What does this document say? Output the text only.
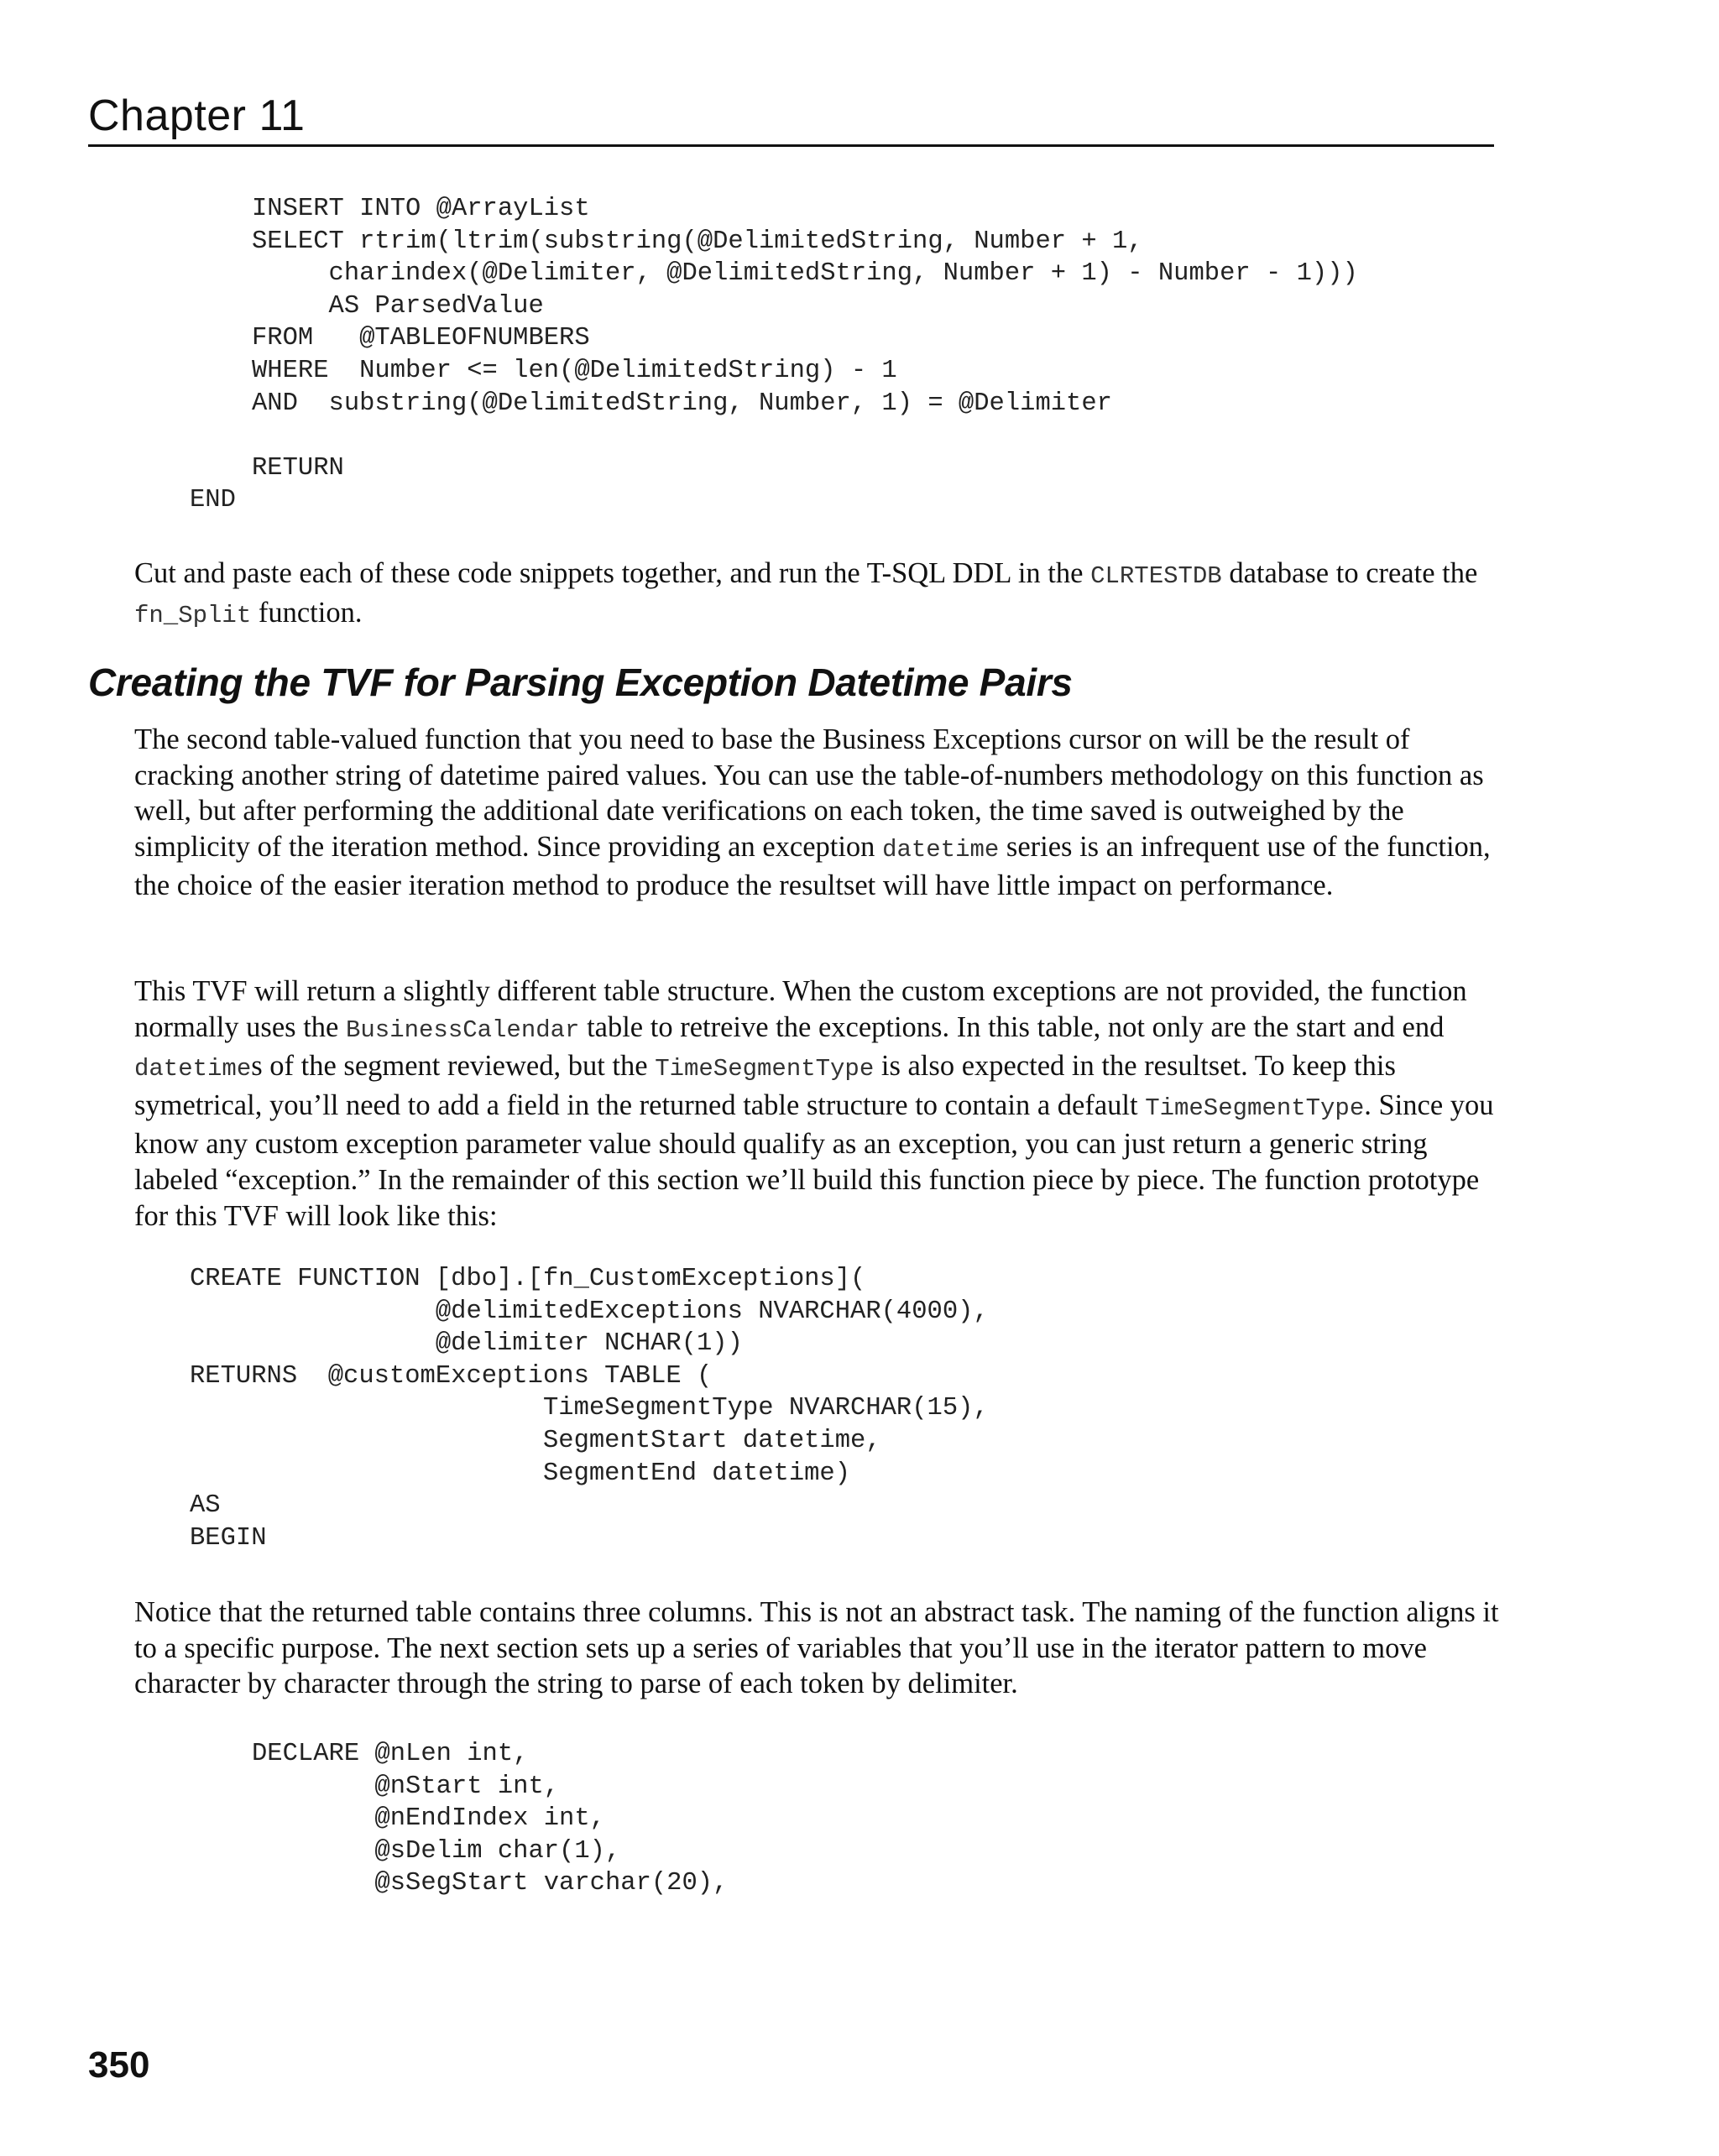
Chapter 11
INSERT INTO @ArrayList
SELECT rtrim(ltrim(substring(@DelimitedString, Number + 1,
charindex(@Delimiter, @DelimitedString, Number + 1) - Number - 1)))
AS ParsedValue
FROM   @TABLEOFNUMBERS
WHERE  Number <= len(@DelimitedString) - 1
AND  substring(@DelimitedString, Number, 1) = @Delimiter

RETURN
END

Cut and paste each of these code snippets together, and run the T-SQL DDL in the CLRTESTDB database to create the fn_Split function.

Creating the TVF for Parsing Exception Datetime Pairs

The second table-valued function that you need to base the Business Exceptions cursor on will be the result of cracking another string of datetime paired values. You can use the table-of-numbers methodology on this function as well, but after performing the additional date verifications on each token, the time saved is outweighed by the simplicity of the iteration method. Since providing an exception datetime series is an infrequent use of the function, the choice of the easier iteration method to produce the resultset will have little impact on performance.

This TVF will return a slightly different table structure. When the custom exceptions are not provided, the function normally uses the BusinessCalendar table to retreive the exceptions. In this table, not only are the start and end datetimes of the segment reviewed, but the TimeSegmentType is also expected in the resultset. To keep this symetrical, you’ll need to add a field in the returned table structure to contain a default TimeSegmentType. Since you know any custom exception parameter value should qualify as an exception, you can just return a generic string labeled “exception.” In the remainder of this section we’ll build this function piece by piece. The function prototype for this TVF will look like this:

CREATE FUNCTION [dbo].[fn_CustomExceptions](
@delimitedExceptions NVARCHAR(4000),
@delimiter NCHAR(1))
RETURNS  @customExceptions TABLE (
TimeSegmentType NVARCHAR(15),
SegmentStart datetime,
SegmentEnd datetime)
AS
BEGIN

Notice that the returned table contains three columns. This is not an abstract task. The naming of the function aligns it to a specific purpose. The next section sets up a series of variables that you’ll use in the iterator pattern to move character by character through the string to parse of each token by delimiter.

DECLARE @nLen int,
@nStart int,
@nEndIndex int,
@sDelim char(1),
@sSegStart varchar(20),
350
